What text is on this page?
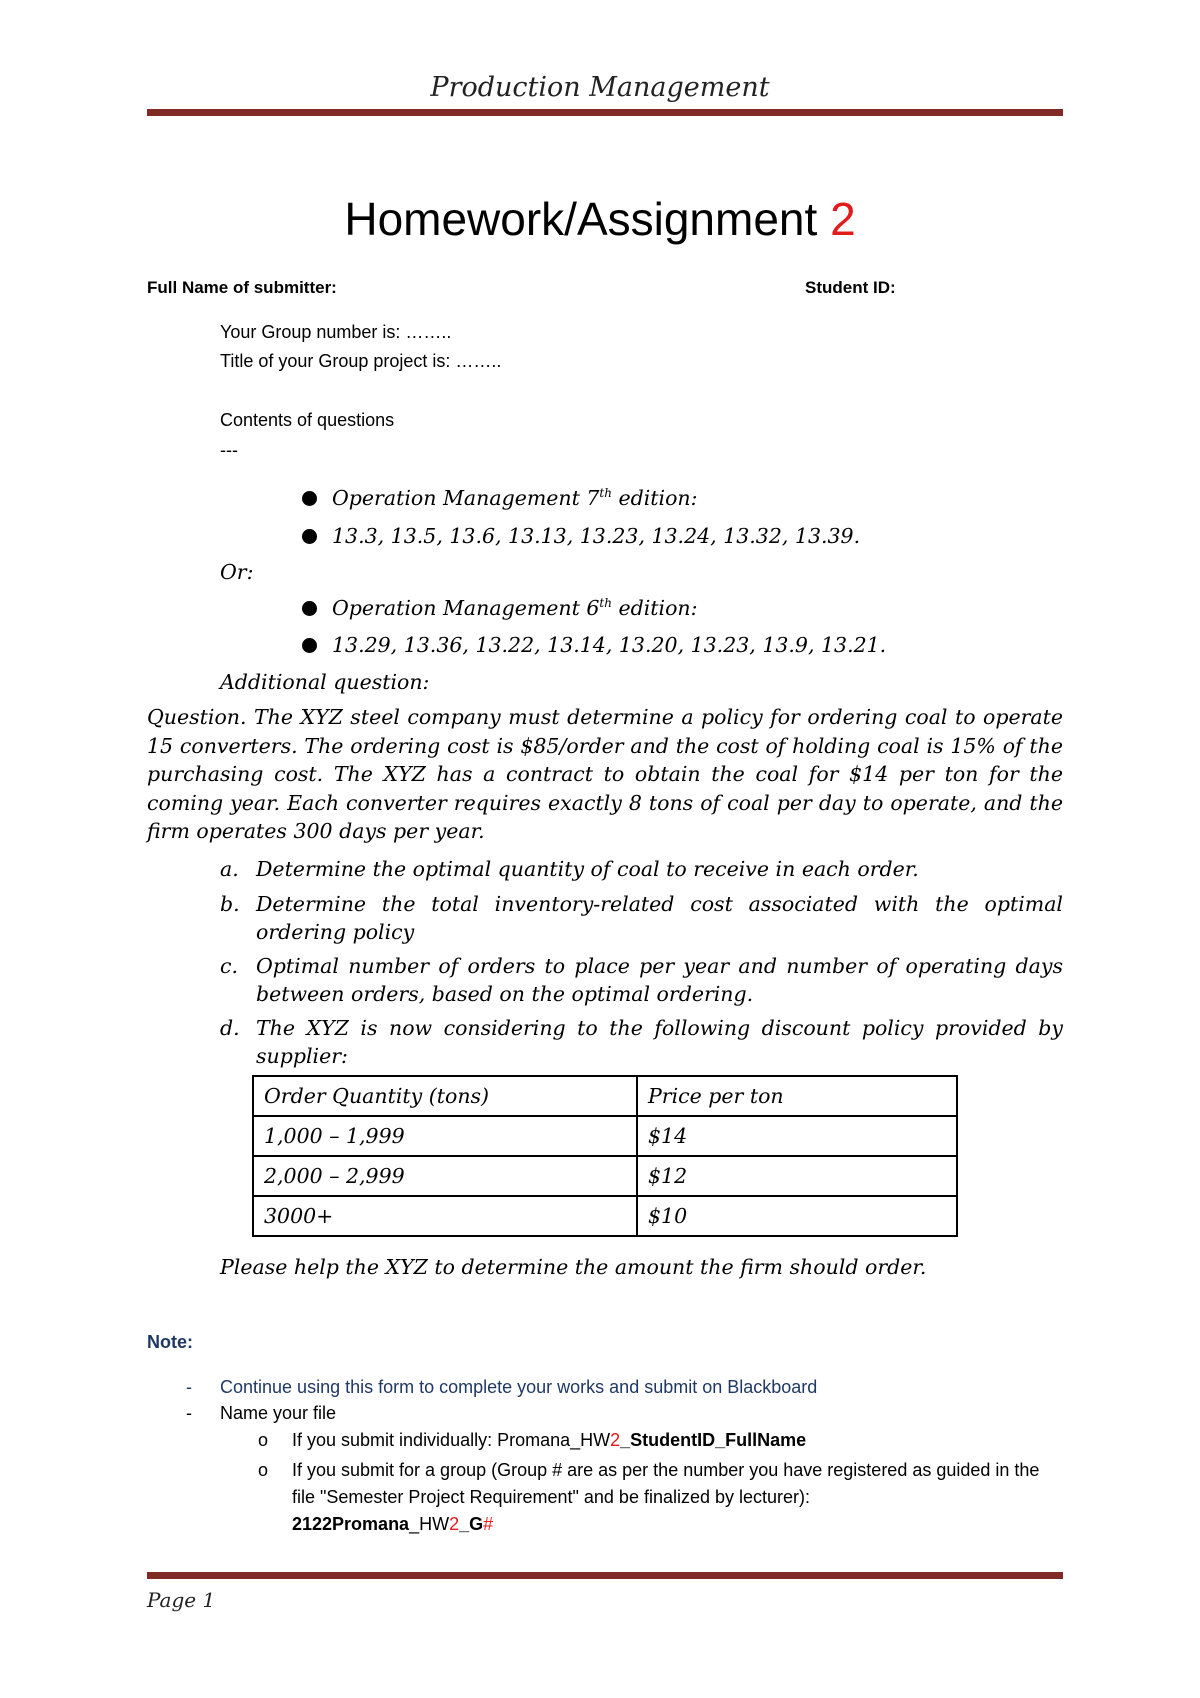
Production Management
Homework/Assignment 2
Full Name of submitter:	Student ID:
Your Group number is: ……..
Title of your Group project is: ……..
Contents of questions
---
Operation Management 7th edition:
13.3, 13.5, 13.6, 13.13, 13.23, 13.24, 13.32, 13.39.
Or:
Operation Management 6th edition:
13.29, 13.36, 13.22, 13.14, 13.20, 13.23, 13.9, 13.21.
Additional question:
Question. The XYZ steel company must determine a policy for ordering coal to operate 15 converters. The ordering cost is $85/order and the cost of holding coal is 15% of the purchasing cost. The XYZ has a contract to obtain the coal for $14 per ton for the coming year. Each converter requires exactly 8 tons of coal per day to operate, and the firm operates 300 days per year.
a. Determine the optimal quantity of coal to receive in each order.
b. Determine the total inventory-related cost associated with the optimal ordering policy
c. Optimal number of orders to place per year and number of operating days between orders, based on the optimal ordering.
d. The XYZ is now considering to the following discount policy provided by supplier:
Order Quantity (tons)	Price per ton
1,000 – 1,999	$14
2,000 – 2,999	$12
3000+	$10
Please help the XYZ to determine the amount the firm should order.
Note:
- Continue using this form to complete your works and submit on Blackboard
- Name your file
o If you submit individually: Promana_HW2_StudentID_FullName
o If you submit for a group (Group # are as per the number you have registered as guided in the file "Semester Project Requirement" and be finalized by lecturer):
2122Promana_HW2_G#
Page 1
